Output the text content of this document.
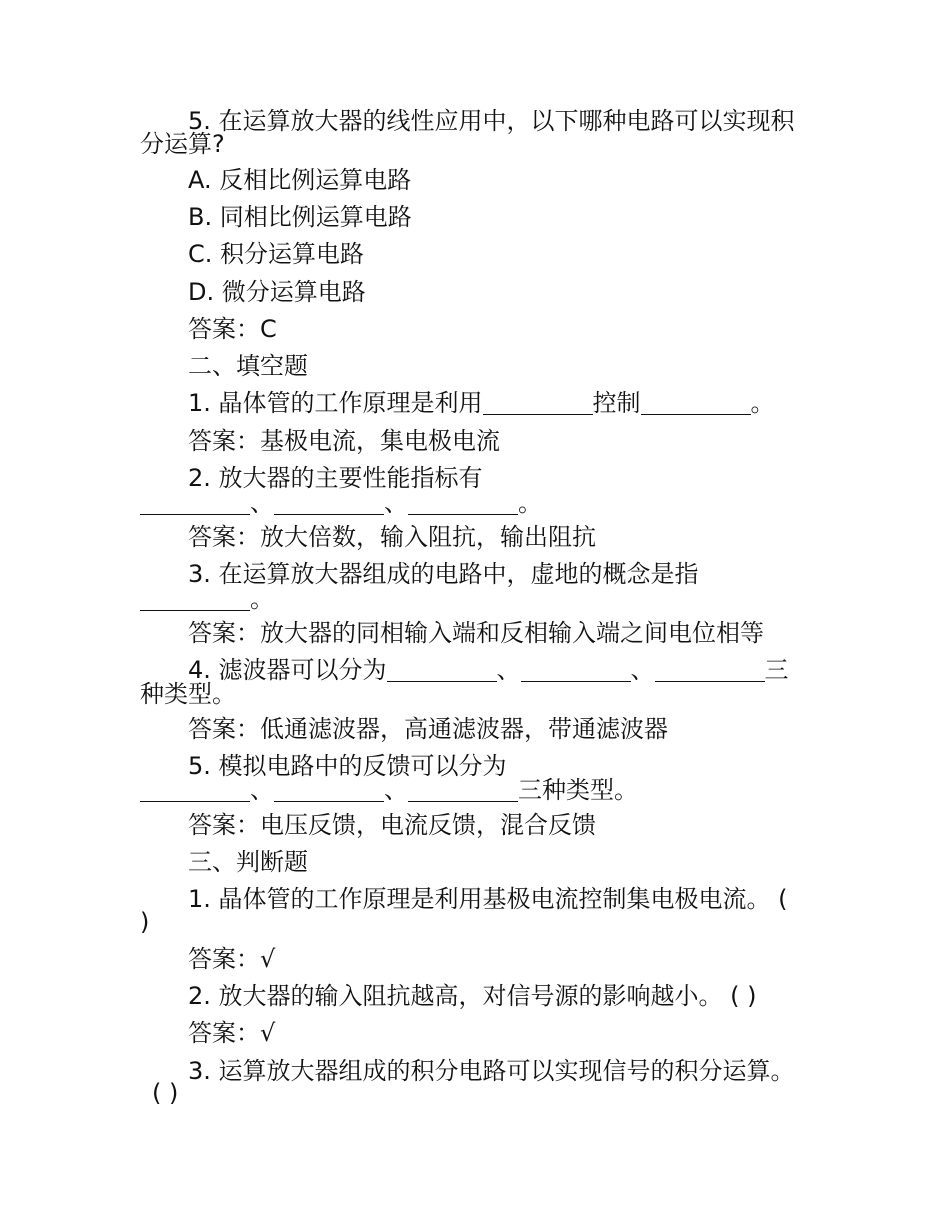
5. 在运算放大器的线性应用中，以下哪种电路可以实现积
分运算?
A. 反相比例运算电路
B. 同相比例运算电路
C. 积分运算电路
D. 微分运算电路
答案：C
二、填空题
1. 晶体管的工作原理是利用	控制	。
答案：基极电流，集电极电流
2. 放大器的主要性能指标有
、	、	。
答案：放大倍数，输入阻抗，输出阻抗
3. 在运算放大器组成的电路中，虚地的概念是指
。
答案：放大器的同相输入端和反相输入端之间电位相等
4. 滤波器可以分为	、	、	三
种类型。
答案：低通滤波器，高通滤波器，带通滤波器
5. 模拟电路中的反馈可以分为
、	、	三种类型。
答案：电压反馈，电流反馈，混合反馈
三、判断题
1. 晶体管的工作原理是利用基极电流控制集电极电流。 (
)
答案：√
2. 放大器的输入阻抗越高，对信号源的影响越小。 ( )
答案：√
3. 运算放大器组成的积分电路可以实现信号的积分运算。
( )
